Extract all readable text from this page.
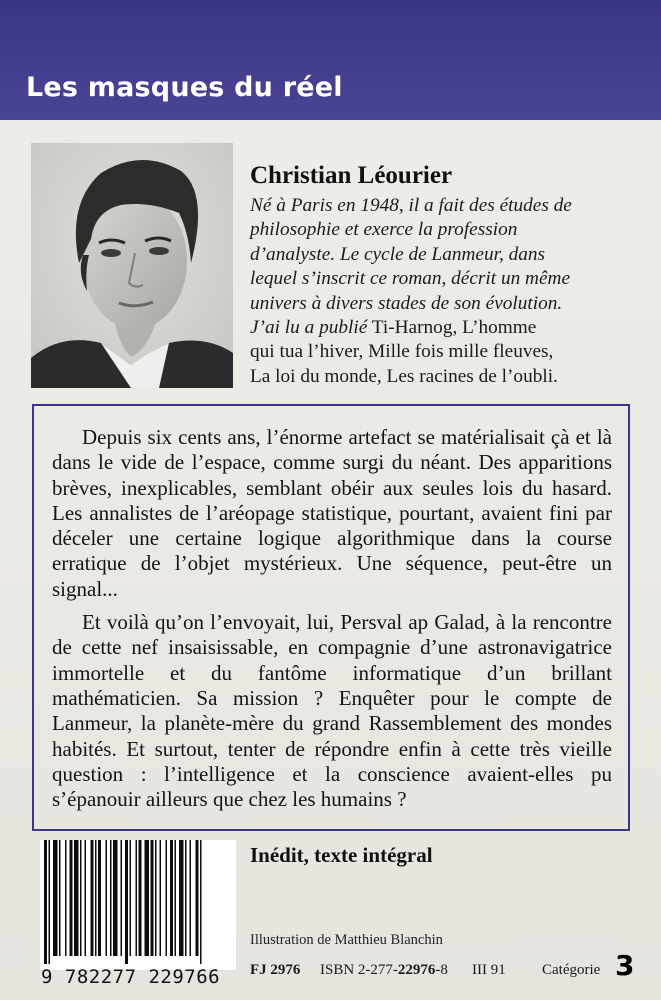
Les masques du réel
Christian Léourier
Né à Paris en 1948, il a fait des études de
philosophie et exerce la profession
d’analyste. Le cycle de Lanmeur, dans
lequel s’inscrit ce roman, décrit un même
univers à divers stades de son évolution.
J’ai lu a publié Ti-Harnog, L’homme
qui tua l’hiver, Mille fois mille fleuves,
La loi du monde, Les racines de l’oubli.

Depuis six cents ans, l’énorme artefact se matérialisait çà et là dans le vide de l’espace, comme surgi du néant. Des apparitions brèves, inexplicables, semblant obéir aux seules lois du hasard. Les annalistes de l’aréopage statistique, pourtant, avaient fini par déceler une certaine logique algorithmique dans la course erratique de l’objet mystérieux. Une séquence, peut-être un signal...

Et voilà qu’on l’envoyait, lui, Persval ap Galad, à la rencontre de cette nef insaisissable, en compagnie d’une astronavigatrice immortelle et du fantôme informatique d’un brillant mathématicien. Sa mission ? Enquêter pour le compte de Lanmeur, la planète-mère du grand Rassemblement des mondes habités. Et surtout, tenter de répondre enfin à cette très vieille question : l’intelligence et la conscience avaient-elles pu s’épanouir ailleurs que chez les humains ?

9 782277 229766
Inédit, texte intégral
Illustration de Matthieu Blanchin
FJ 2976 ISBN 2-277-22976-8 III 91 Catégorie 3
